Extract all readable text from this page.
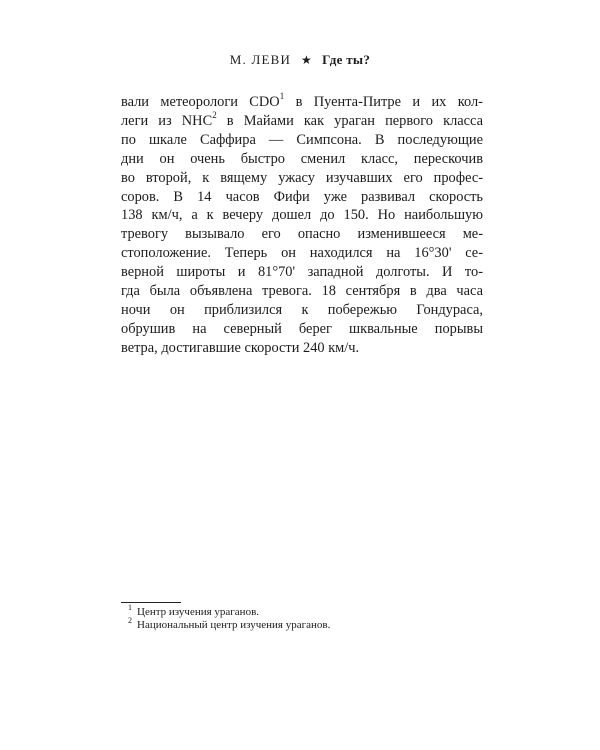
М. ЛЕВИ ★ Где ты?
вали метеорологи CDO$^1$ в Пуента-Питре и их кол-
леги из NHC$^2$ в Майами как ураган первого класса
по шкале Саффира — Симпсона. В последующие
дни он очень быстро сменил класс, перескочив
во второй, к вящему ужасу изучавших его профес-
соров. В 14 часов Фифи уже развивал скорость
138 км/ч, а к вечеру дошел до 150. Но наибольшую
тревогу вызывало его опасно изменившееся ме-
стоположение. Теперь он находился на 16°30' се-
верной широты и 81°70' западной долготы. И то-
гда была объявлена тревога. 18 сентября в два часа
ночи он приблизился к побережью Гондураса,
обрушив на северный берег шквальные порывы
ветра, достигавшие скорости 240 км/ч.
$^1$ Центр изучения ураганов.
$^2$ Национальный центр изучения ураганов.
